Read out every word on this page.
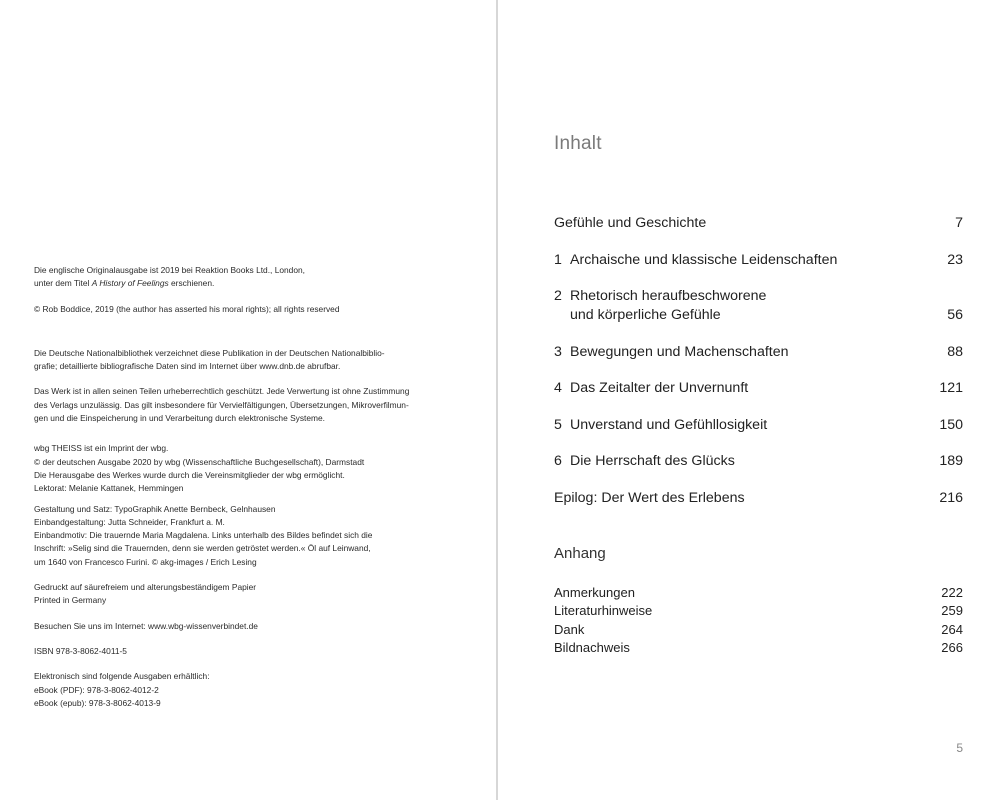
Die englische Originalausgabe ist 2019 bei Reaktion Books Ltd., London,
unter dem Titel A History of Feelings erschienen.

© Rob Boddice, 2019 (the author has asserted his moral rights); all rights reserved

Die Deutsche Nationalbibliothek verzeichnet diese Publikation in der Deutschen Nationalbiblio-
grafie; detaillierte bibliografische Daten sind im Internet über www.dnb.de abrufbar.

Das Werk ist in allen seinen Teilen urheberrechtlich geschützt. Jede Verwertung ist ohne Zustimmung
des Verlags unzulässig. Das gilt insbesondere für Vervielfältigungen, Übersetzungen, Mikroverfilmun-
gen und die Einspeicherung in und Verarbeitung durch elektronische Systeme.

wbg THEISS ist ein Imprint der wbg.
© der deutschen Ausgabe 2020 by wbg (Wissenschaftliche Buchgesellschaft), Darmstadt
Die Herausgabe des Werkes wurde durch die Vereinsmitglieder der wbg ermöglicht.
Lektorat: Melanie Kattanek, Hemmingen

Gestaltung und Satz: TypoGraphik Anette Bernbeck, Gelnhausen
Einbandgestaltung: Jutta Schneider, Frankfurt a. M.
Einbandmotiv: Die trauernde Maria Magdalena. Links unterhalb des Bildes befindet sich die
Inschrift: »Selig sind die Trauernden, denn sie werden getröstet werden.« Öl auf Leinwand,
um 1640 von Francesco Furini. © akg-images / Erich Lesing

Gedruckt auf säurefreiem und alterungsbeständigem Papier
Printed in Germany

Besuchen Sie uns im Internet: www.wbg-wissenverbindet.de

ISBN 978-3-8062-4011-5

Elektronisch sind folgende Ausgaben erhältlich:
eBook (PDF): 978-3-8062-4012-2
eBook (epub): 978-3-8062-4013-9

Inhalt
Gefühle und Geschichte	7
1 Archaische und klassische Leidenschaften	23
2 Rhetorisch heraufbeschworene und körperliche Gefühle	56
3 Bewegungen und Machenschaften	88
4 Das Zeitalter der Unvernunft	121
5 Unverstand und Gefühllosigkeit	150
6 Die Herrschaft des Glücks	189
Epilog: Der Wert des Erlebens	216
Anhang
Anmerkungen	222
Literaturhinweise	259
Dank	264
Bildnachweis	266
5
